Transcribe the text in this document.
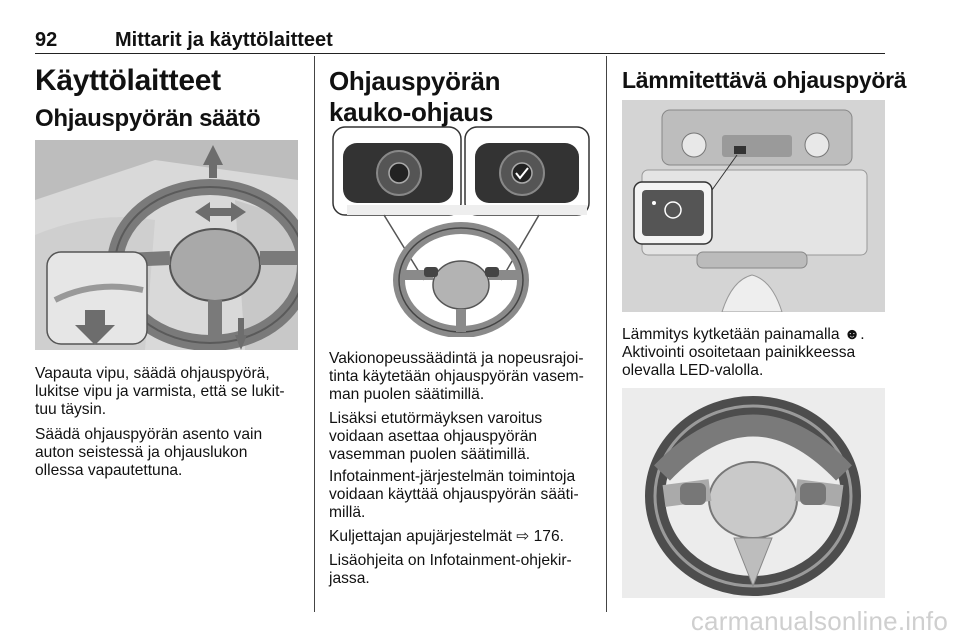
92	Mittarit ja käyttölaitteet
Käyttölaitteet
Ohjauspyörän säätö

Vapauta vipu, säädä ohjauspyörä,
lukitse vipu ja varmista, että se lukit-
tuu täysin.

Säädä ohjauspyörän asento vain
auton seistessä ja ohjauslukon
ollessa vapautettuna.

Ohjauspyörän
kauko-ohjaus

Vakionopeussäädintä ja nopeusrajoi-
tinta käytetään ohjauspyörän vasem-
man puolen säätimillä.

Lisäksi etutörmäyksen varoitus
voidaan asettaa ohjauspyörän
vasemman puolen säätimillä.

Infotainment-järjestelmän toimintoja
voidaan käyttää ohjauspyörän sääti-
millä.

Kuljettajan apujärjestelmät ⇨ 176.

Lisäohjeita on Infotainment-ohjekir-
jassa.

Lämmitettävä ohjauspyörä

Lämmitys kytketään painamalla ☻.
Aktivointi osoitetaan painikkeessa
olevalla LED-valolla.

carmanualsonline.info
